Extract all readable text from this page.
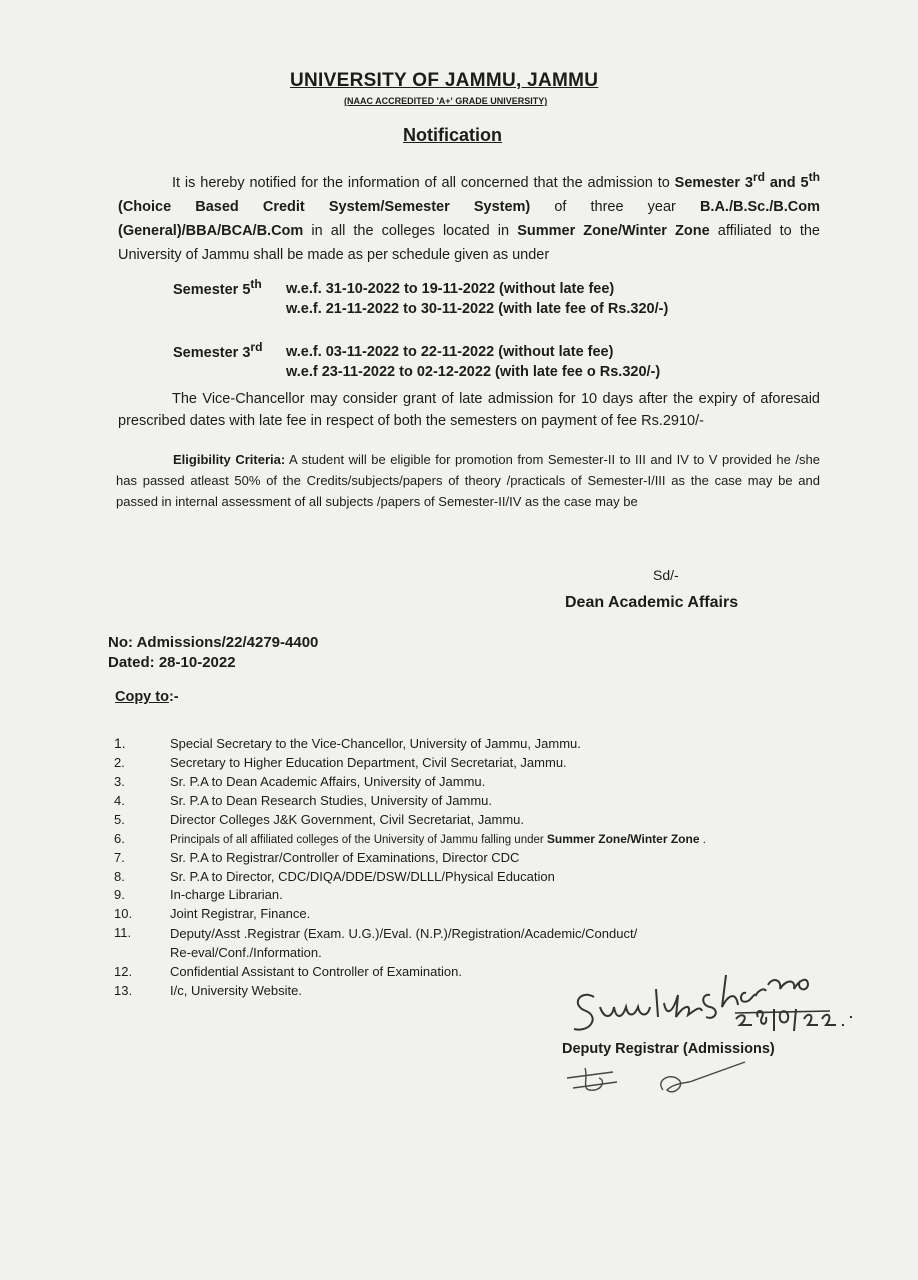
UNIVERSITY OF JAMMU, JAMMU
(NAAC ACCREDITED 'A+' GRADE UNIVERSITY)
Notification
It is hereby notified for the information of all concerned that the admission to Semester 3rd and 5th (Choice Based Credit System/Semester System) of three year B.A./B.Sc./B.Com (General)/BBA/BCA/B.Com in all the colleges located in Summer Zone/Winter Zone affiliated to the University of Jammu shall be made as per schedule given as under
Semester 5th w.e.f. 31-10-2022 to 19-11-2022 (without late fee)
w.e.f. 21-11-2022 to 30-11-2022 (with late fee of Rs.320/-)
Semester 3rd w.e.f. 03-11-2022 to 22-11-2022 (without late fee)
w.e.f 23-11-2022 to 02-12-2022 (with late fee o Rs.320/-)
The Vice-Chancellor may consider grant of late admission for 10 days after the expiry of aforesaid prescribed dates with late fee in respect of both the semesters on payment of fee Rs.2910/-
Eligibility Criteria: A student will be eligible for promotion from Semester-II to III and IV to V provided he /she has passed atleast 50% of the Credits/subjects/papers of theory /practicals of Semester-I/III as the case may be and passed in internal assessment of all subjects /papers of Semester-II/IV as the case may be
Sd/-
Dean Academic Affairs
No: Admissions/22/4279-4400
Dated: 28-10-2022
Copy to:-
1.	Special Secretary to the Vice-Chancellor, University of Jammu, Jammu.
2.	Secretary to Higher Education Department, Civil Secretariat, Jammu.
3.	Sr. P.A to Dean Academic Affairs, University of Jammu.
4.	Sr. P.A to Dean Research Studies, University of Jammu.
5.	Director Colleges J&K Government, Civil Secretariat, Jammu.
6.	Principals of all affiliated colleges of the University of Jammu falling under Summer Zone/Winter Zone .
7.	Sr. P.A to Registrar/Controller of Examinations, Director CDC
8.	Sr. P.A to Director, CDC/DIQA/DDE/DSW/DLLL/Physical Education
9.	In-charge Librarian.
10.	Joint Registrar, Finance.
11.	Deputy/Asst .Registrar (Exam. U.G.)/Eval. (N.P.)/Registration/Academic/Conduct/
Re-eval/Conf./Information.
12.	Confidential Assistant to Controller of Examination.
13.	I/c, University Website.
Deputy Registrar (Admissions)
